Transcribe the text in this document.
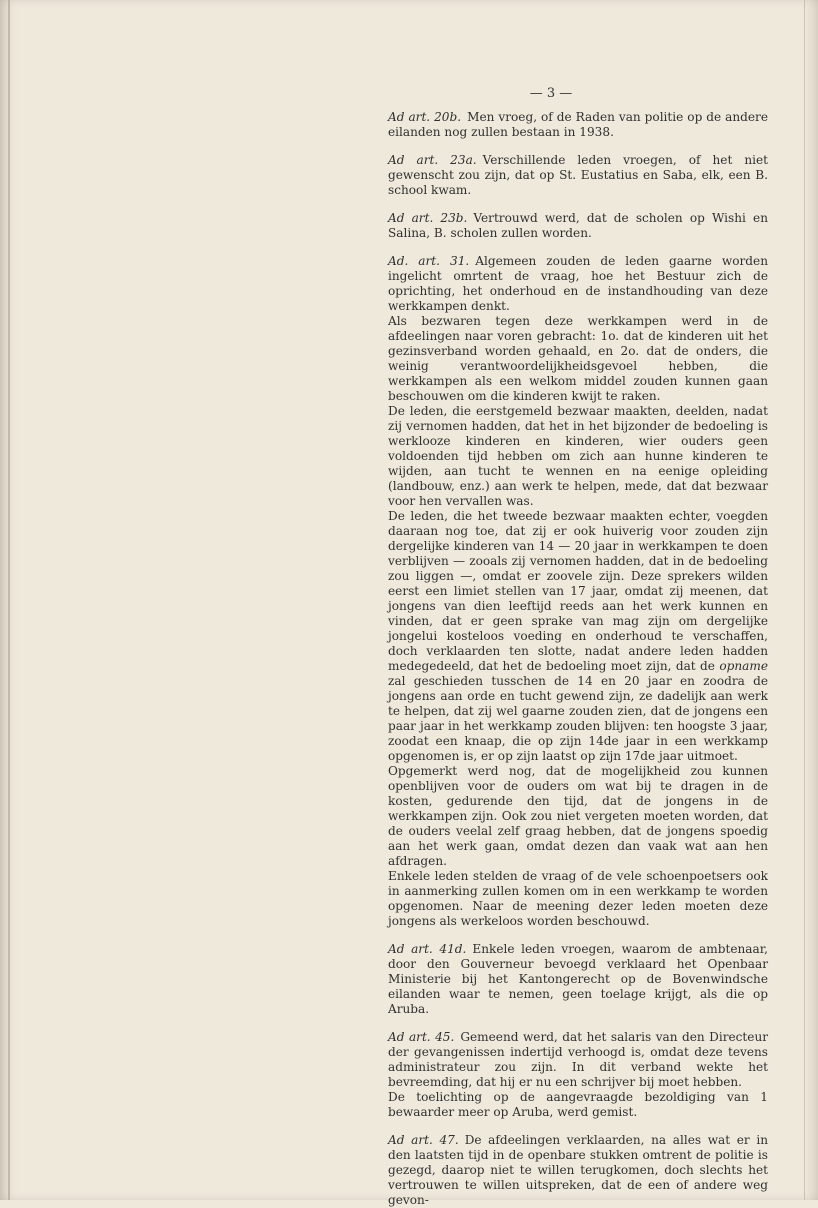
— 3 —

Ad art. 20b. Men vroeg, of de Raden van politie op de andere eilanden nog zullen bestaan in 1938.

Ad art. 23a. Verschillende leden vroegen, of het niet gewenscht zou zijn, dat op St. Eustatius en Saba, elk, een B. school kwam.

Ad art. 23b. Vertrouwd werd, dat de scholen op Wishi en Salina, B. scholen zullen worden.

Ad. art. 31. Algemeen zouden de leden gaarne worden ingelicht omrtent de vraag, hoe het Bestuur zich de oprichting, het onderhoud en de instandhouding van deze werkkampen denkt.

Als bezwaren tegen deze werkkampen werd in de afdeelingen naar voren gebracht: 1o. dat de kinderen uit het gezinsverband worden gehaald, en 2o. dat de onders, die weinig verantwoordelijkheidsgevoel hebben, die werkkampen als een welkom middel zouden kunnen gaan beschouwen om die kinderen kwijt te raken.

De leden, die eerstgemeld bezwaar maakten, deelden, nadat zij vernomen hadden, dat het in het bijzonder de bedoeling is werklooze kinderen en kinderen, wier ouders geen voldoenden tijd hebben om zich aan hunne kinderen te wijden, aan tucht te wennen en na eenige opleiding (landbouw, enz.) aan werk te helpen, mede, dat dat bezwaar voor hen vervallen was.

De leden, die het tweede bezwaar maakten echter, voegden daaraan nog toe, dat zij er ook huiverig voor zouden zijn dergelijke kinderen van 14 — 20 jaar in werkkampen te doen verblijven — zooals zij vernomen hadden, dat in de bedoeling zou liggen —, omdat er zoovele zijn. Deze sprekers wilden eerst een limiet stellen van 17 jaar, omdat zij meenen, dat jongens van dien leeftijd reeds aan het werk kunnen en vinden, dat er geen sprake van mag zijn om dergelijke jongelui kosteloos voeding en onderhoud te verschaffen, doch verklaarden ten slotte, nadat andere leden hadden medegedeeld, dat het de bedoeling moet zijn, dat de opname zal geschieden tusschen de 14 en 20 jaar en zoodra de jongens aan orde en tucht gewend zijn, ze dadelijk aan werk te helpen, dat zij wel gaarne zouden zien, dat de jongens een paar jaar in het werkkamp zouden blijven: ten hoogste 3 jaar, zoodat een knaap, die op zijn 14de jaar in een werkkamp opgenomen is, er op zijn laatst op zijn 17de jaar uitmoet.

Opgemerkt werd nog, dat de mogelijkheid zou kunnen openblijven voor de ouders om wat bij te dragen in de kosten, gedurende den tijd, dat de jongens in de werkkampen zijn. Ook zou niet vergeten moeten worden, dat de ouders veelal zelf graag hebben, dat de jongens spoedig aan het werk gaan, omdat dezen dan vaak wat aan hen afdragen.

Enkele leden stelden de vraag of de vele schoenpoetsers ook in aanmerking zullen komen om in een werkkamp te worden opgenomen. Naar de meening dezer leden moeten deze jongens als werkeloos worden beschouwd.

Ad art. 41d. Enkele leden vroegen, waarom de ambtenaar, door den Gouverneur bevoegd verklaard het Openbaar Ministerie bij het Kantongerecht op de Bovenwindsche eilanden waar te nemen, geen toelage krijgt, als die op Aruba.

Ad art. 45. Gemeend werd, dat het salaris van den Directeur der gevangenissen indertijd verhoogd is, omdat deze tevens administrateur zou zijn. In dit verband wekte het bevreemding, dat hij er nu een schrijver bij moet hebben.

De toelichting op de aangevraagde bezoldiging van 1 bewaarder meer op Aruba, werd gemist.

Ad art. 47. De afdeelingen verklaarden, na alles wat er in den laatsten tijd in de openbare stukken omtrent de politie is gezegd, daarop niet te willen terugkomen, doch slechts het vertrouwen te willen uitspreken, dat de een of andere weg gevon-
